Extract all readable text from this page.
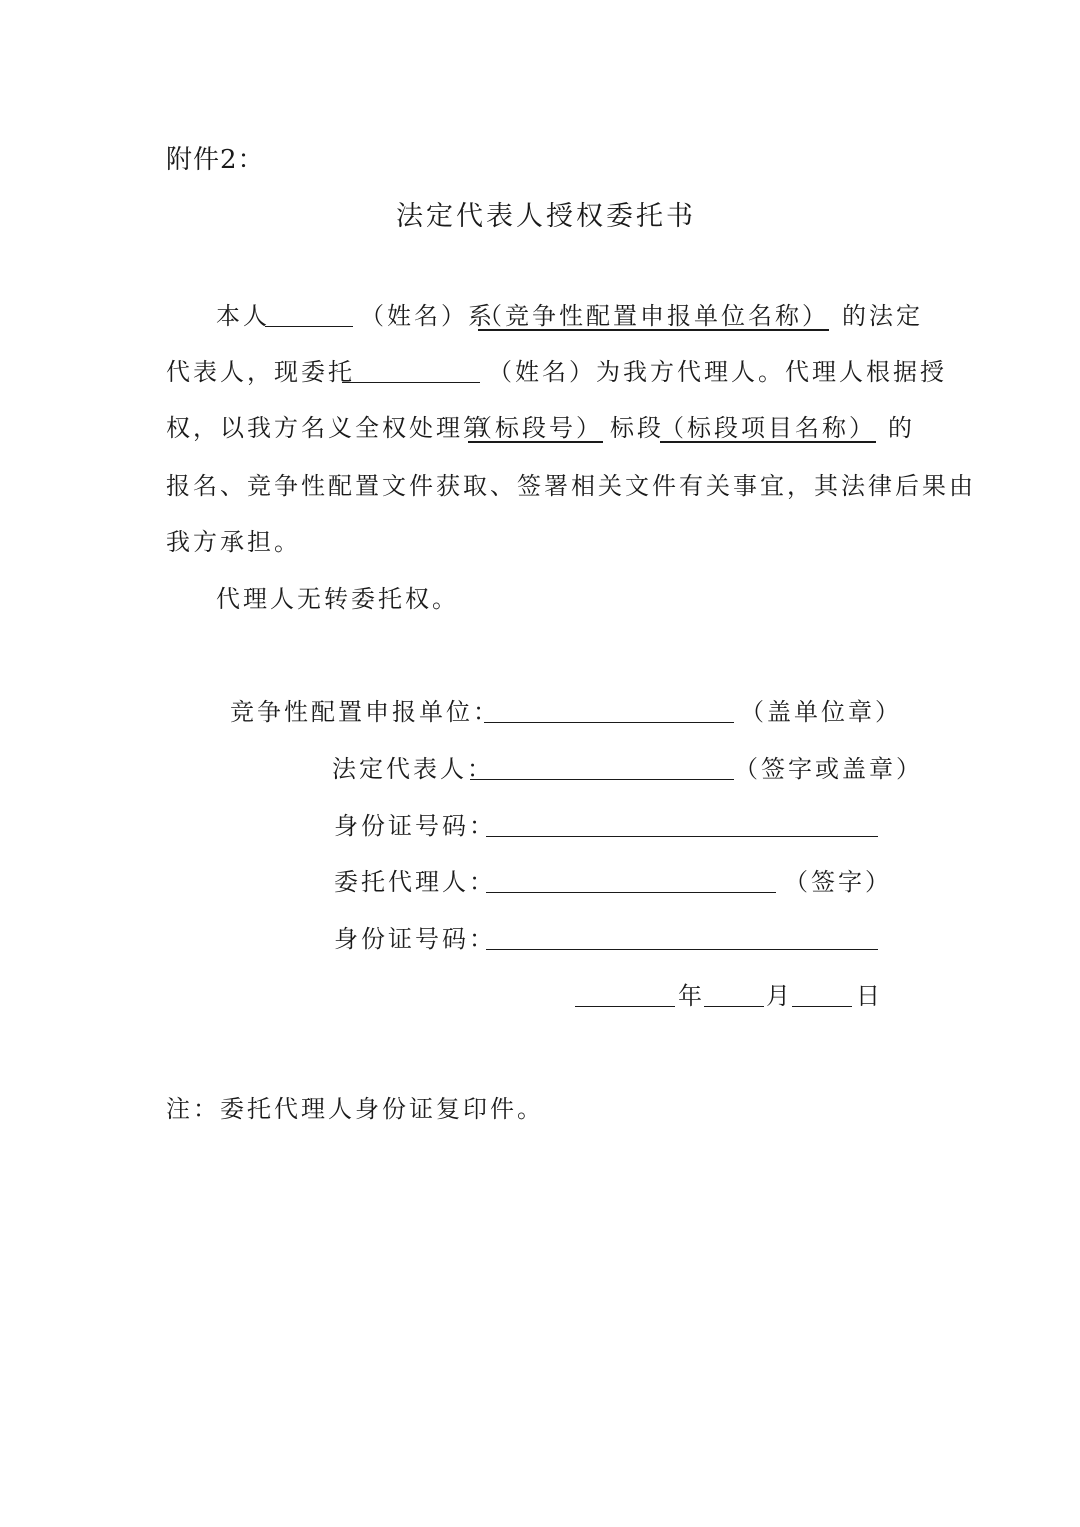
附件2：
法定代表人授权委托书
本人	（姓名）系
（竞争性配置申报单位名称） 的法定
代表人，现委托	（姓名）为我方代理人。代理人根据授
权，以我方名义全权处理第
（标段号） 标段
（标段项目名称） 的
报名、竞争性配置文件获取、签署相关文件有关事宜，其法律后果由
我方承担。
代理人无转委托权。
竞争性配置申报单位：	（盖单位章）
法定代表人：	（签字或盖章）
身份证号码：
委托代理人：	（签字）
身份证号码：
年	月	日
注：委托代理人身份证复印件。
